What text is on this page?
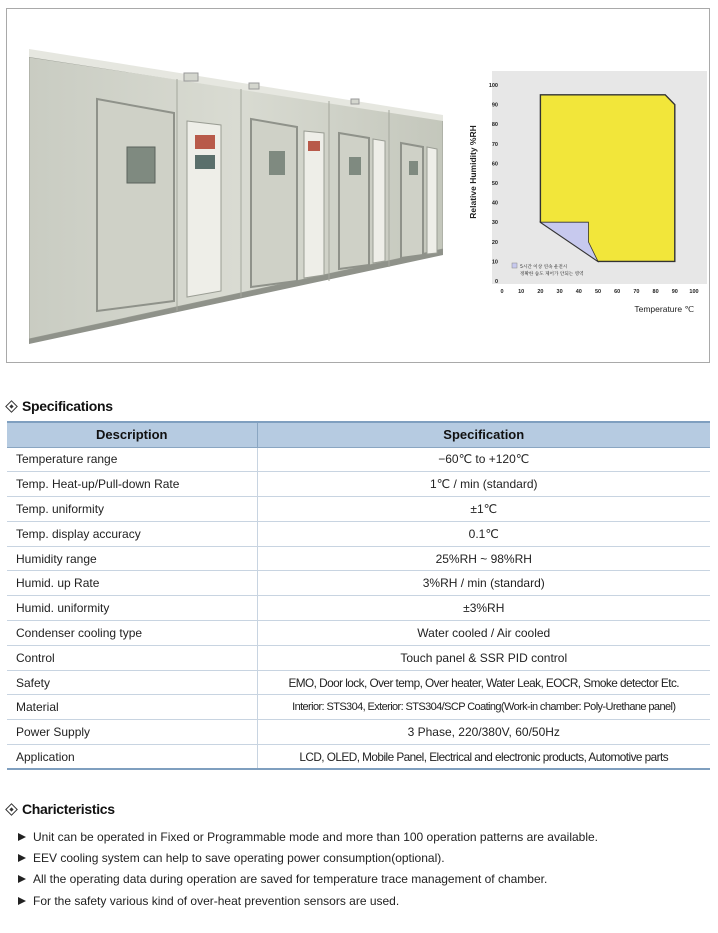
Relative Humidity %RH
Temperature ℃
100
90
80
70
60
50
40
30
20
10
0
0	10 20 30 40 50 60 70 80 90 100
5시간 이상 연속 운전시
정확한 습도 제어가 안되는 영역
Specifications
Description	Specification
Temperature range	−60℃ to +120℃
Temp. Heat-up/Pull-down Rate	1℃ / min (standard)
Temp. uniformity	±1℃
Temp. display accuracy	0.1℃
Humidity range	25%RH ~ 98%RH
Humid. up Rate	3%RH / min (standard)
Humid. uniformity	±3%RH
Condenser cooling type	Water cooled / Air cooled
Control	Touch panel & SSR PID control
Safety	EMO, Door lock, Over temp, Over heater, Water Leak, EOCR, Smoke detector Etc.
Material	Interior: STS304, Exterior: STS304/SCP Coating(Work-in chamber: Poly-Urethane panel)
Power Supply	3 Phase, 220/380V, 60/50Hz
Application	LCD, OLED, Mobile Panel, Electrical and electronic products, Automotive parts
Charicteristics
Unit can be operated in Fixed or Programmable mode and more than 100 operation patterns are available.
EEV cooling system can help to save operating power consumption(optional).
All the operating data during operation are saved for temperature trace management of chamber.
For the safety various kind of over-heat prevention sensors are used.
